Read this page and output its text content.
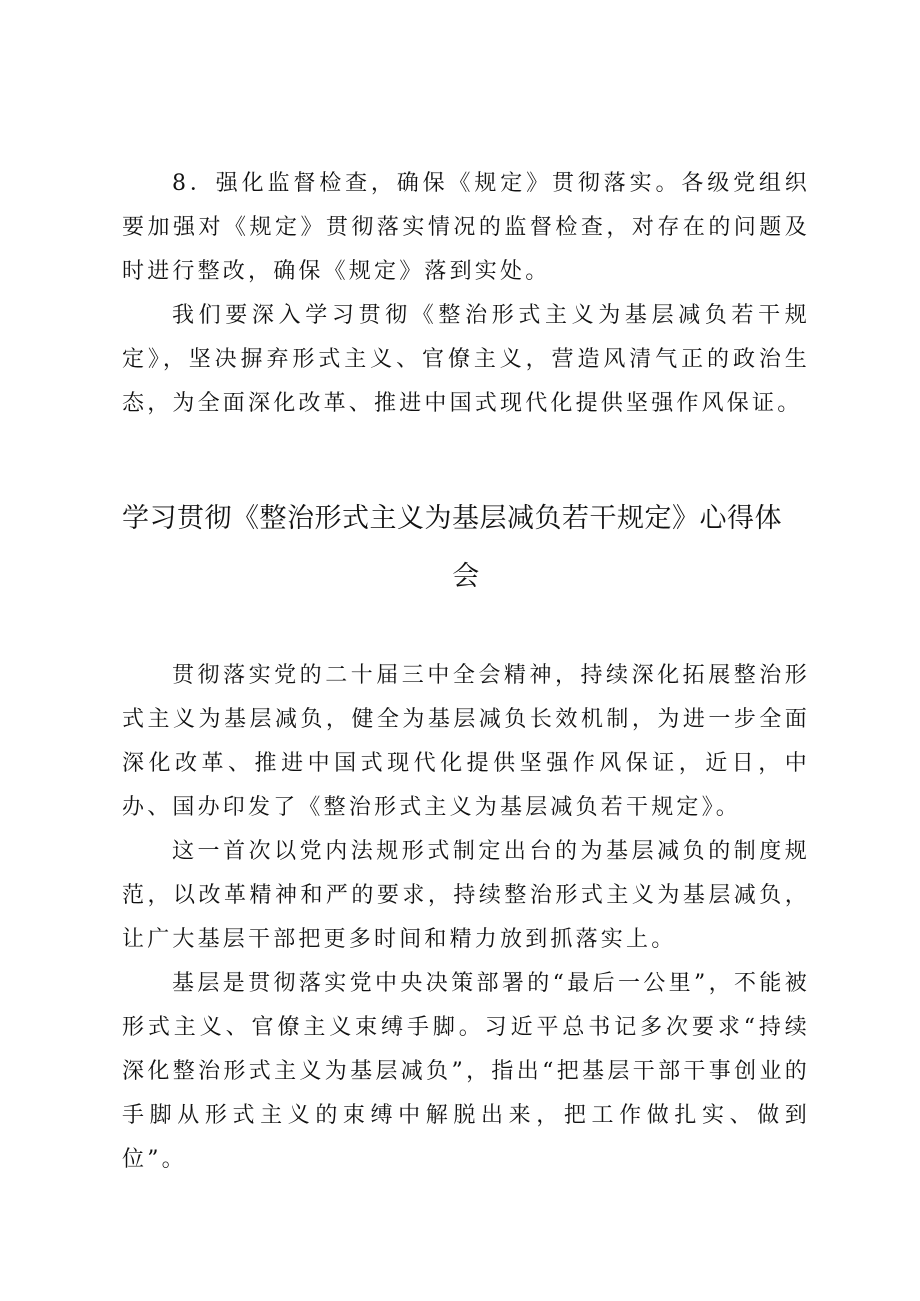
8．强化监督检查，确保《规定》贯彻落实。各级党组织要加强对《规定》贯彻落实情况的监督检查，对存在的问题及时进行整改，确保《规定》落到实处。

我们要深入学习贯彻《整治形式主义为基层减负若干规定》，坚决摒弃形式主义、官僚主义，营造风清气正的政治生态，为全面深化改革、推进中国式现代化提供坚强作风保证。

学习贯彻《整治形式主义为基层减负若干规定》心得体
会

贯彻落实党的二十届三中全会精神，持续深化拓展整治形式主义为基层减负，健全为基层减负长效机制，为进一步全面深化改革、推进中国式现代化提供坚强作风保证，近日，中办、国办印发了《整治形式主义为基层减负若干规定》。

这一首次以党内法规形式制定出台的为基层减负的制度规范，以改革精神和严的要求，持续整治形式主义为基层减负，让广大基层干部把更多时间和精力放到抓落实上。

基层是贯彻落实党中央决策部署的“最后一公里”，不能被形式主义、官僚主义束缚手脚。习近平总书记多次要求“持续深化整治形式主义为基层减负”，指出“把基层干部干事创业的手脚从形式主义的束缚中解脱出来，把工作做扎实、做到位”。
